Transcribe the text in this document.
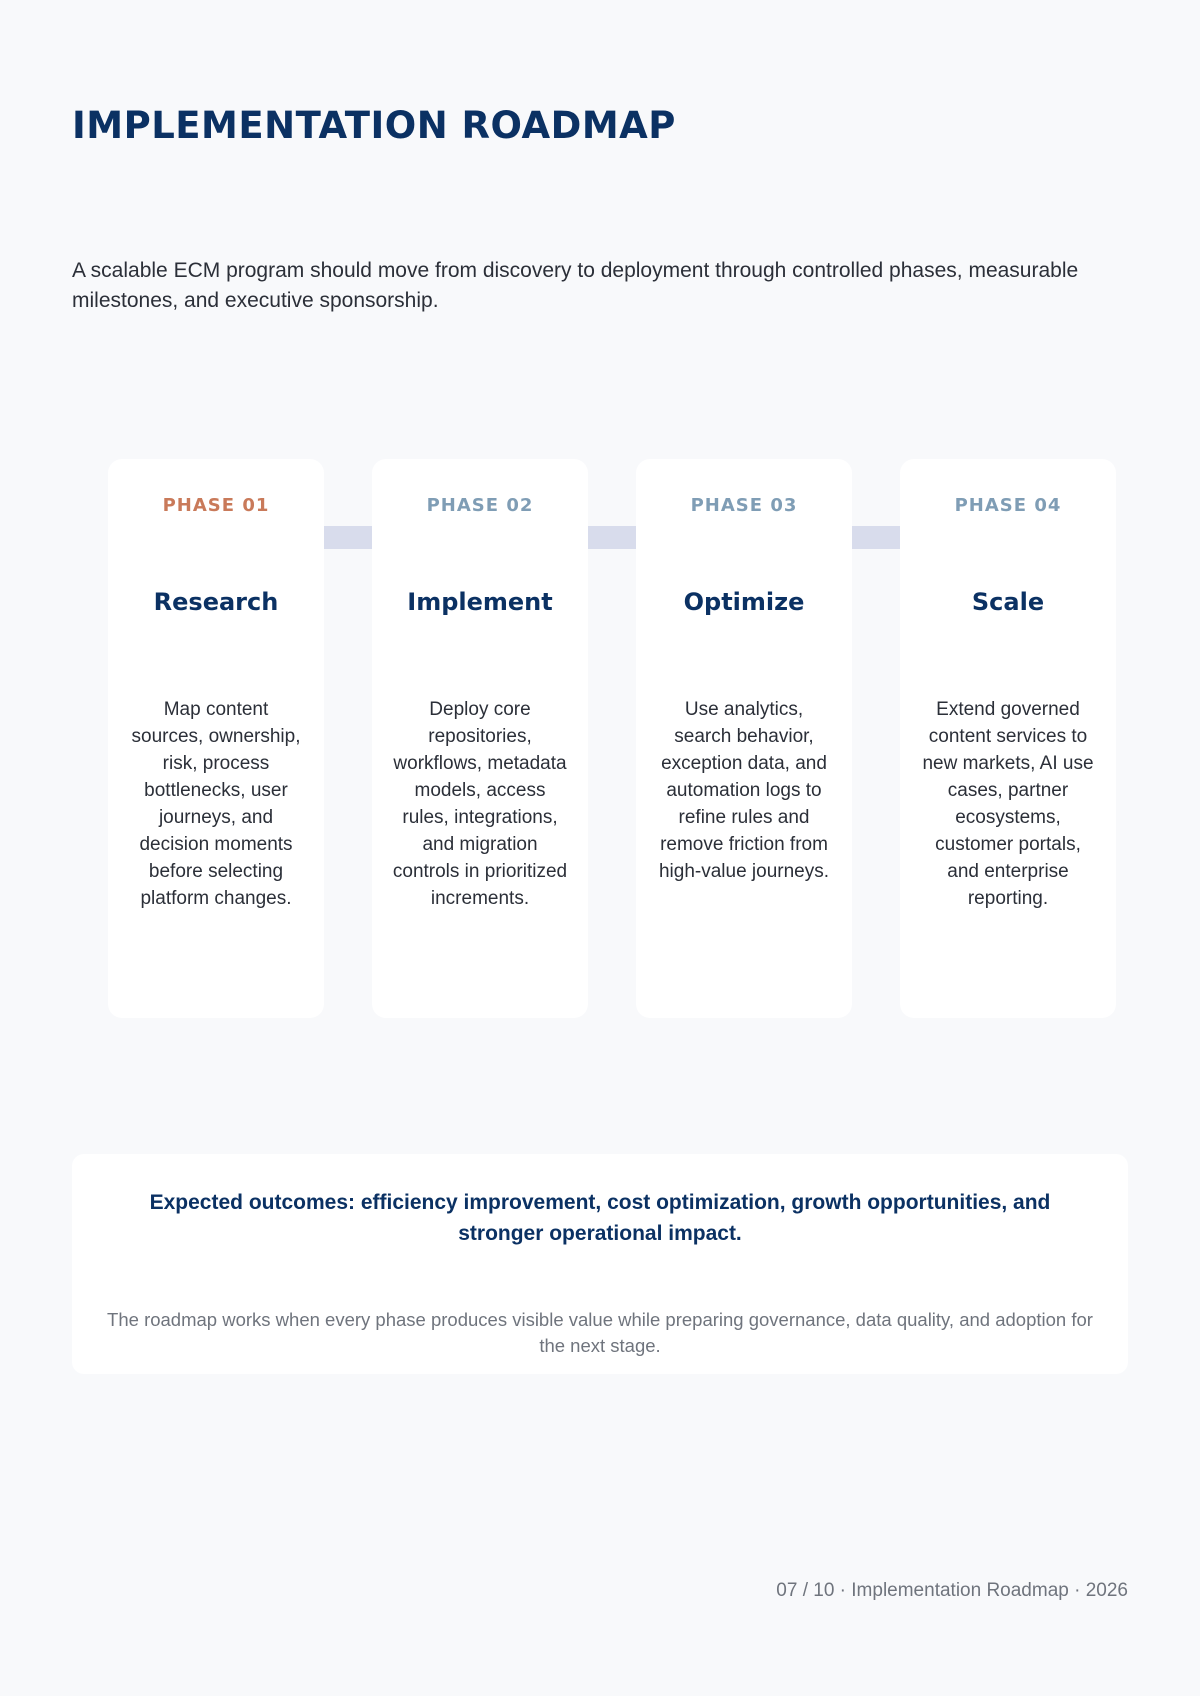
IMPLEMENTATION ROADMAP

A scalable ECM program should move from discovery to deployment through controlled phases, measurable milestones, and executive sponsorship.

PHASE 01
Research
Map content sources, ownership, risk, process bottlenecks, user journeys, and decision moments before selecting platform changes.
PHASE 02
Implement
Deploy core repositories, workflows, metadata models, access rules, integrations, and migration controls in prioritized increments.
PHASE 03
Optimize
Use analytics, search behavior, exception data, and automation logs to refine rules and remove friction from high-value journeys.
PHASE 04
Scale
Extend governed content services to new markets, AI use cases, partner ecosystems, customer portals, and enterprise reporting.

Expected outcomes: efficiency improvement, cost optimization, growth opportunities, and stronger operational impact.

The roadmap works when every phase produces visible value while preparing governance, data quality, and adoption for the next stage.

07 / 10 · Implementation Roadmap · 2026
